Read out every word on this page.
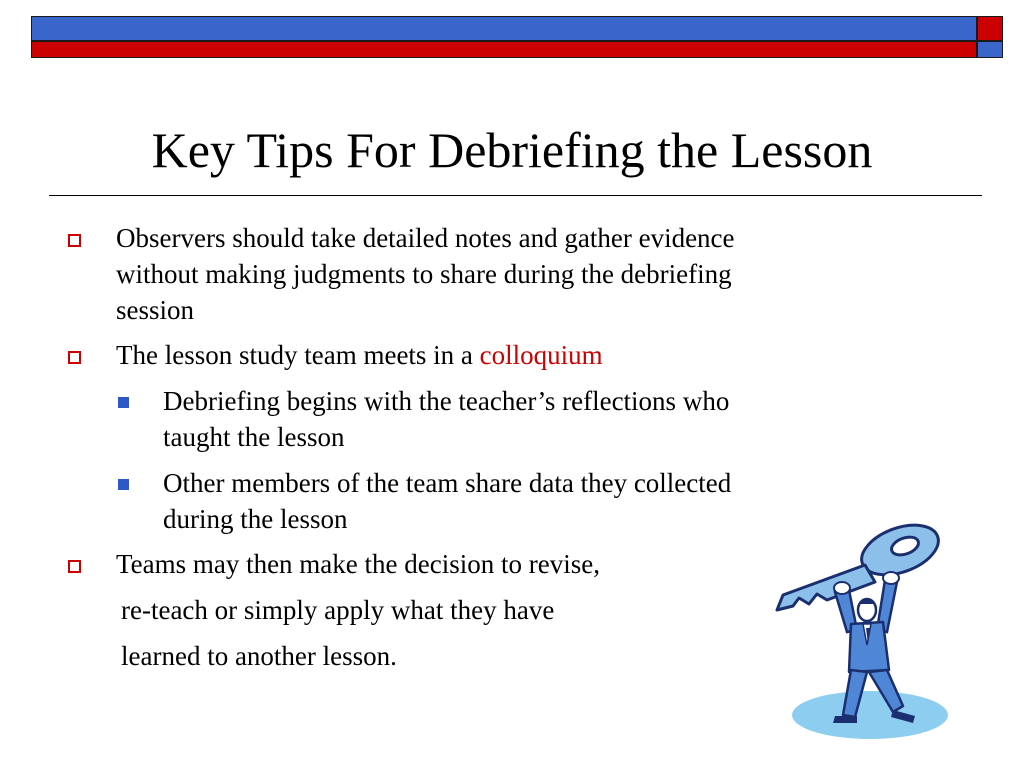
Key Tips For Debriefing the Lesson
Observers should take detailed notes and gather evidence
without making judgments to share during the debriefing
session
The lesson study team meets in a colloquium
Debriefing begins with the teacher’s reflections who
taught the lesson
Other members of the team share data they collected
during the lesson
Teams may then make the decision to revise,
re-teach or simply apply what they have
learned to another lesson.
